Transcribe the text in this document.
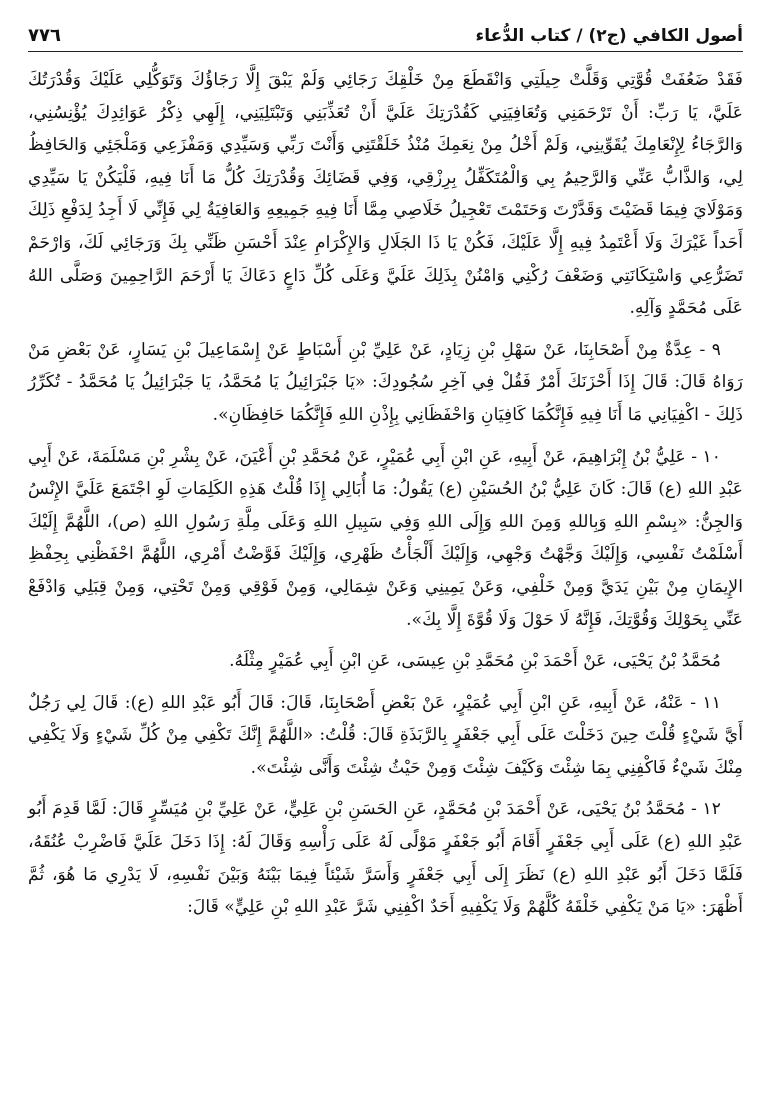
أصول الكافي (ج٢) / كتاب الدُّعاء
٧٧٦

فَقَدْ ضَعُفَتْ قُوَّتِي وَقَلَّتْ حِيلَتِي وَانْقَطَعَ مِنْ خَلْقِكَ رَجَائِي وَلَمْ يَبْقَ إِلَّا رَجَاؤُكَ وَتَوَكُّلِي عَلَيْكَ وَقُدْرَتُكَ عَلَيَّ، يَا رَبِّ: أَنْ تَرْحَمَنِي وَتُعَافِيَنِي كَقُدْرَتِكَ عَلَيَّ أَنْ تُعَذِّبَنِي وَتَبْتَلِيَنِي، إِلَهِي ذِكْرُ عَوَائِدِكَ يُؤْنِسُنِي، وَالرَّجَاءُ لِإِنْعَامِكَ يُقَوِّينِي، وَلَمْ أَخْلُ مِنْ نِعَمِكَ مُنْذُ خَلَقْتَنِي وَأَنْتَ رَبِّي وَسَيِّدِي وَمَفْزَعِي وَمَلْجَئِي وَالحَافِظُ لِي، وَالذَّابُّ عَنِّي وَالرَّحِيمُ بِي وَالْمُتَكَفِّلُ بِرِزْقِي، وَفِي قَضَائِكَ وَقُدْرَتِكَ كُلُّ مَا أَنَا فِيهِ، فَلْيَكُنْ يَا سَيِّدِي وَمَوْلَايَ فِيمَا قَضَيْتَ وَقَدَّرْتَ وَحَتَمْتَ تَعْجِيلُ خَلَاصِي مِمَّا أَنَا فِيهِ جَمِيعِهِ وَالعَافِيَةُ لِي فَإِنِّي لَا أَجِدُ لِدَفْعِ ذَلِكَ أَحَداً غَيْرَكَ وَلَا أَعْتَمِدُ فِيهِ إِلَّا عَلَيْكَ، فَكُنْ يَا ذَا الجَلَالِ وَالإِكْرَامِ عِنْدَ أَحْسَنِ ظَنِّي بِكَ وَرَجَائِي لَكَ، وَارْحَمْ تَضَرُّعِي وَاسْتِكَانَتِي وَضَعْفَ رُكْنِي وَامْنُنْ بِذَلِكَ عَلَيَّ وَعَلَى كُلِّ دَاعٍ دَعَاكَ يَا أَرْحَمَ الرَّاحِمِينَ وَصَلَّى اللهُ عَلَى مُحَمَّدٍ وَآلِهِ.

٩ - عِدَّةٌ مِنْ أَصْحَابِنَا، عَنْ سَهْلِ بْنِ زِيَادٍ، عَنْ عَلِيِّ بْنِ أَسْبَاطٍ عَنْ إِسْمَاعِيلَ بْنِ يَسَارٍ، عَنْ بَعْضِ مَنْ رَوَاهُ قَالَ: قَالَ إِذَا أَحْزَنَكَ أَمْرٌ فَقُلْ فِي آخِرِ سُجُودِكَ: «يَا جَبْرَائِيلُ يَا مُحَمَّدُ، يَا جَبْرَائِيلُ يَا مُحَمَّدُ - تُكَرِّرُ ذَلِكَ - اكْفِيَانِي مَا أَنَا فِيهِ فَإِنَّكُمَا كَافِيَانِ وَاحْفَظَانِي بِإِذْنِ اللهِ فَإِنَّكُمَا حَافِظَانِ».

١٠ - عَلِيُّ بْنُ إِبْرَاهِيمَ، عَنْ أَبِيهِ، عَنِ ابْنِ أَبِي عُمَيْرٍ، عَنْ مُحَمَّدِ بْنِ أَعْيَنَ، عَنْ بِشْرِ بْنِ مَسْلَمَةَ، عَنْ أَبِي عَبْدِ اللهِ (ع) قَالَ: كَانَ عَلِيُّ بْنُ الحُسَيْنِ (ع) يَقُولُ: مَا أُبَالِي إِذَا قُلْتُ هَذِهِ الكَلِمَاتِ لَوِ اجْتَمَعَ عَلَيَّ الإِنْسُ وَالجِنُّ: «بِسْمِ اللهِ وَبِاللهِ وَمِنَ اللهِ وَإِلَى اللهِ وَفِي سَبِيلِ اللهِ وَعَلَى مِلَّةِ رَسُولِ اللهِ (ص)، اللَّهُمَّ إِلَيْكَ أَسْلَمْتُ نَفْسِي، وَإِلَيْكَ وَجَّهْتُ وَجْهِي، وَإِلَيْكَ أَلْجَأْتُ ظَهْرِي، وَإِلَيْكَ فَوَّضْتُ أَمْرِي، اللَّهُمَّ احْفَظْنِي بِحِفْظِ الإِيمَانِ مِنْ بَيْنِ يَدَيَّ وَمِنْ خَلْفِي، وَعَنْ يَمِينِي وَعَنْ شِمَالِي، وَمِنْ فَوْقِي وَمِنْ تَحْتِي، وَمِنْ قِبَلِي وَادْفَعْ عَنِّي بِحَوْلِكَ وَقُوَّتِكَ، فَإِنَّهُ لَا حَوْلَ وَلَا قُوَّةَ إِلَّا بِكَ».

مُحَمَّدُ بْنُ يَحْيَى، عَنْ أَحْمَدَ بْنِ مُحَمَّدِ بْنِ عِيسَى، عَنِ ابْنِ أَبِي عُمَيْرٍ مِثْلَهُ.

١١ - عَنْهُ، عَنْ أَبِيهِ، عَنِ ابْنِ أَبِي عُمَيْرٍ، عَنْ بَعْضِ أَصْحَابِنَا، قَالَ: قَالَ أَبُو عَبْدِ اللهِ (ع): قَالَ لِي رَجُلٌ أَيَّ شَيْءٍ قُلْتَ حِينَ دَخَلْتَ عَلَى أَبِي جَعْفَرٍ بِالرَّبَذَةِ قَالَ: قُلْتُ: «اللَّهُمَّ إِنَّكَ تَكْفِي مِنْ كُلِّ شَيْءٍ وَلَا يَكْفِي مِنْكَ شَيْءٌ فَاكْفِنِي بِمَا شِئْتَ وَكَيْفَ شِئْتَ وَمِنْ حَيْثُ شِئْتَ وَأَنَّى شِئْتَ».

١٢ - مُحَمَّدُ بْنُ يَحْيَى، عَنْ أَحْمَدَ بْنِ مُحَمَّدٍ، عَنِ الحَسَنِ بْنِ عَلِيٍّ، عَنْ عَلِيِّ بْنِ مُيَسِّرٍ قَالَ: لَمَّا قَدِمَ أَبُو عَبْدِ اللهِ (ع) عَلَى أَبِي جَعْفَرٍ أَقَامَ أَبُو جَعْفَرٍ مَوْلًى لَهُ عَلَى رَأْسِهِ وَقَالَ لَهُ: إِذَا دَخَلَ عَلَيَّ فَاضْرِبْ عُنُقَهُ، فَلَمَّا دَخَلَ أَبُو عَبْدِ اللهِ (ع) نَظَرَ إِلَى أَبِي جَعْفَرٍ وَأَسَرَّ شَيْئاً فِيمَا بَيْنَهُ وَبَيْنَ نَفْسِهِ، لَا يَدْرِي مَا هُوَ، ثُمَّ أَظْهَرَ: «يَا مَنْ يَكْفِي خَلْقَهُ كُلَّهُمْ وَلَا يَكْفِيهِ أَحَدٌ اكْفِنِي شَرَّ عَبْدِ اللهِ بْنِ عَلِيٍّ» قَالَ:
